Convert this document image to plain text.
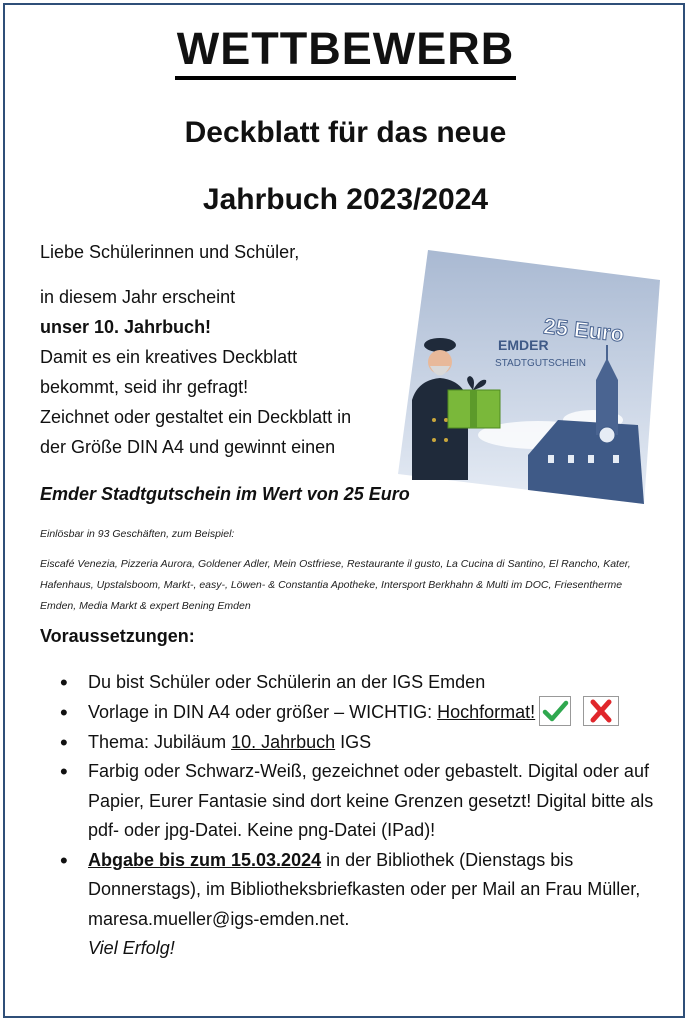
WETTBEWERB
Deckblatt für das neue
Jahrbuch 2023/2024
Liebe Schülerinnen und Schüler,
in diesem Jahr erscheint
unser 10. Jahrbuch!
Damit es ein kreatives Deckblatt
bekommt, seid ihr gefragt!
Zeichnet oder gestaltet ein Deckblatt in
der Größe DIN A4 und gewinnt einen
EMDER
STADTGUTSCHEIN
25 Euro
Emder Stadtgutschein im Wert von 25 Euro
Einlösbar in 93 Geschäften, zum Beispiel:
Eiscafé Venezia, Pizzeria Aurora, Goldener Adler, Mein Ostfriese, Restaurante il gusto, La Cucina di Santino, El Rancho, Kater, Hafenhaus, Upstalsboom, Markt-, easy-, Löwen- & Constantia Apotheke, Intersport Berkhahn & Multi im DOC, Friesentherme Emden, Media Markt & expert Bening Emden
Voraussetzungen:
• Du bist Schüler oder Schülerin an der IGS Emden
• Vorlage in DIN A4 oder größer – WICHTIG: Hochformat!
• Thema: Jubiläum 10. Jahrbuch IGS
• Farbig oder Schwarz-Weiß, gezeichnet oder gebastelt. Digital oder auf Papier, Eurer Fantasie sind dort keine Grenzen gesetzt! Digital bitte als pdf- oder jpg-Datei. Keine png-Datei (IPad)!
• Abgabe bis zum 15.03.2024 in der Bibliothek (Dienstags bis Donnerstags), im Bibliotheksbriefkasten oder per Mail an Frau Müller, maresa.mueller@igs-emden.net.
Viel Erfolg!
